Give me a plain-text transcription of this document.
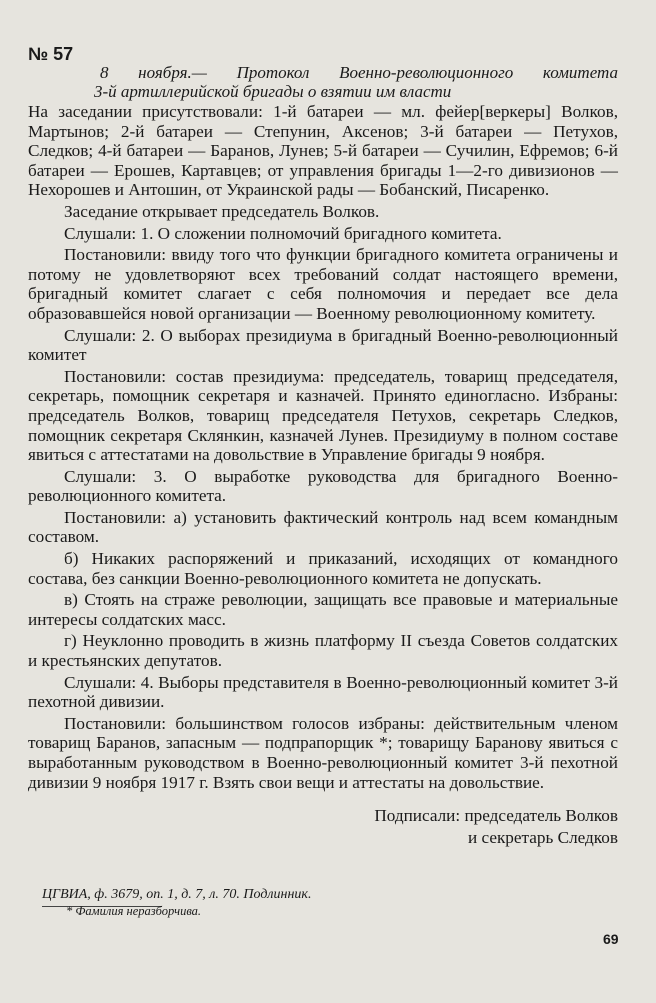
№ 57
8 ноября.— Протокол Военно-революционного комитета
3-й артиллерийской бригады о взятии им власти

На заседании присутствовали: 1-й батареи — мл. фейер[веркеры] Волков, Мартынов; 2-й батареи — Степунин, Аксенов; 3-й батареи — Петухов, Следков; 4-й батареи — Баранов, Лунев; 5-й батареи — Сучилин, Ефремов; 6-й батареи — Ерошев, Картавцев; от управления бригады 1—2-го дивизионов — Нехорошев и Антошин, от Украинской рады — Бобанский, Писаренко.

Заседание открывает председатель Волков.

Слушали: 1. О сложении полномочий бригадного комитета.

Постановили: ввиду того что функции бригадного комитета ограничены и потому не удовлетворяют всех требований солдат настоящего времени, бригадный комитет слагает с себя полномочия и передает все дела образовавшейся новой организации — Военному революционному комитету.

Слушали: 2. О выборах президиума в бригадный Военно-революционный комитет

Постановили: состав президиума: председатель, товарищ председателя, секретарь, помощник секретаря и казначей. Принято единогласно. Избраны: председатель Волков, товарищ председателя Петухов, секретарь Следков, помощник секретаря Склянкин, казначей Лунев. Президиуму в полном составе явиться с аттестатами на довольствие в Управление бригады 9 ноября.

Слушали: 3. О выработке руководства для бригадного Военно-революционного комитета.

Постановили: а) установить фактический контроль над всем командным составом.

б) Никаких распоряжений и приказаний, исходящих от командного состава, без санкции Военно-революционного комитета не допускать.

в) Стоять на страже революции, защищать все правовые и материальные интересы солдатских масс.

г) Неуклонно проводить в жизнь платформу II съезда Советов солдатских и крестьянских депутатов.

Слушали: 4. Выборы представителя в Военно-революционный комитет 3-й пехотной дивизии.

Постановили: большинством голосов избраны: действительным членом товарищ Баранов, запасным — подпрапорщик *; товарищу Баранову явиться с выработанным руководством в Военно-революционный комитет 3-й пехотной дивизии 9 ноября 1917 г. Взять свои вещи и аттестаты на довольствие.

Подписали: председатель Волков

и секретарь Следков

ЦГВИА, ф. 3679, оп. 1, д. 7, л. 70. Подлинник.
* Фамилия неразборчива.
69
